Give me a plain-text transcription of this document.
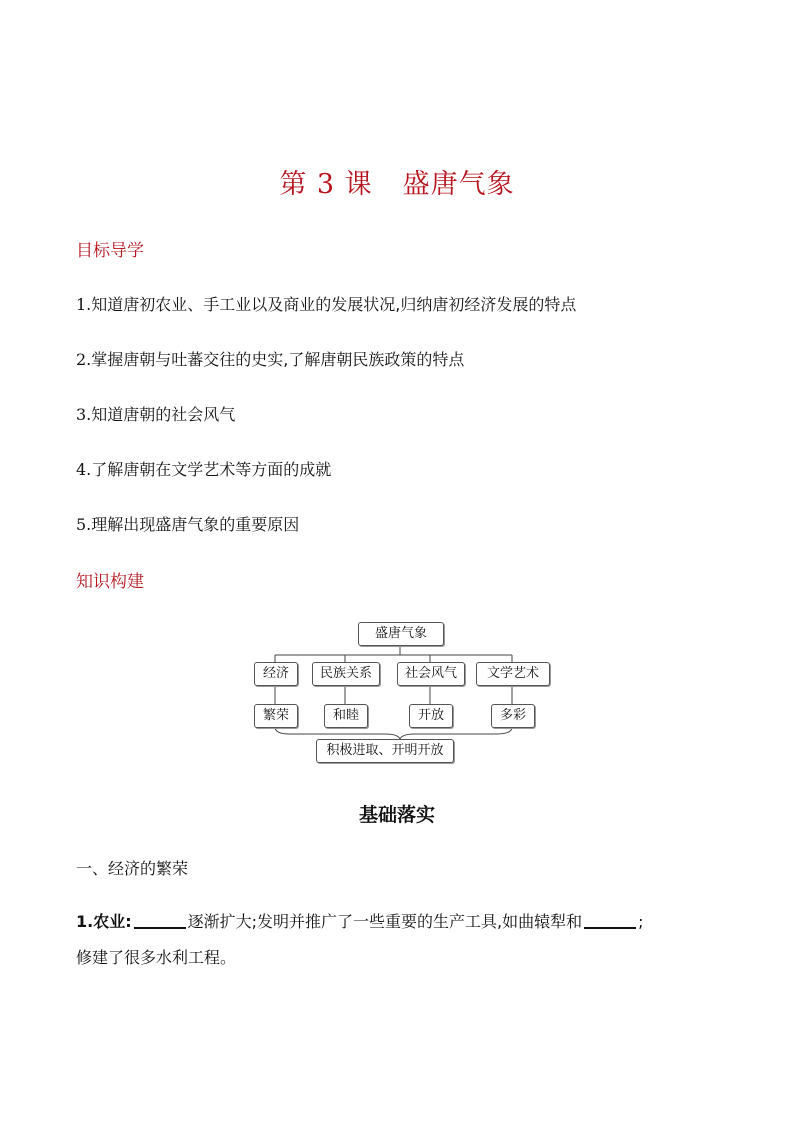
第 3 课 盛唐气象
目标导学
1.知道唐初农业、手工业以及商业的发展状况,归纳唐初经济发展的特点
2.掌握唐朝与吐蕃交往的史实,了解唐朝民族政策的特点
3.知道唐朝的社会风气
4.了解唐朝在文学艺术等方面的成就
5.理解出现盛唐气象的重要原因
知识构建
盛唐气象
经济	民族关系	社会风气	文学艺术
繁荣	和睦	开放	多彩
积极进取、开明开放
基础落实
一、经济的繁荣
1.农业:	逐渐扩大;发明并推广了一些重要的生产工具,如曲辕犁和	;
修建了很多水利工程。
